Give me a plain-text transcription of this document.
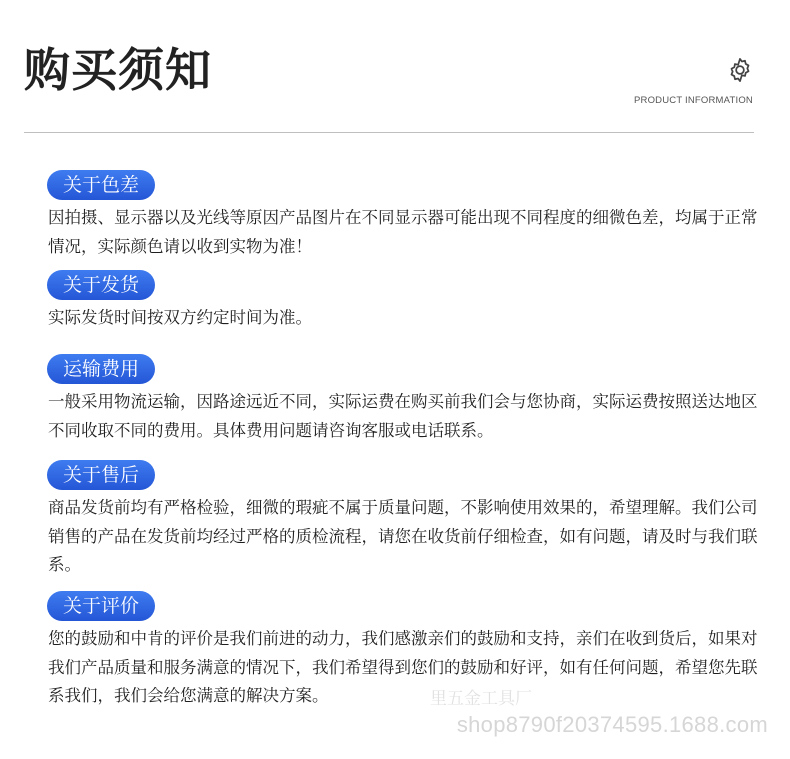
购买须知
PRODUCT INFORMATION
关于色差

因拍摄、显示器以及光线等原因产品图片在不同显示器可能出现不同程度的细微色差，均属于正常情况，实际颜色请以收到实物为准！

关于发货

实际发货时间按双方约定时间为准。

运输费用

一般采用物流运输，因路途远近不同，实际运费在购买前我们会与您协商，实际运费按照送达地区不同收取不同的费用。具体费用问题请咨询客服或电话联系。

关于售后

商品发货前均有严格检验，细微的瑕疵不属于质量问题，不影响使用效果的，希望理解。我们公司销售的产品在发货前均经过严格的质检流程，请您在收货前仔细检查，如有问题，请及时与我们联系。

关于评价

您的鼓励和中肯的评价是我们前进的动力，我们感激亲们的鼓励和支持，亲们在收到货后，如果对我们产品质量和服务满意的情况下，我们希望得到您们的鼓励和好评，如有任何问题，希望您先联系我们，我们会给您满意的解决方案。	里五金工具厂
shop8790f20374595.1688.com
